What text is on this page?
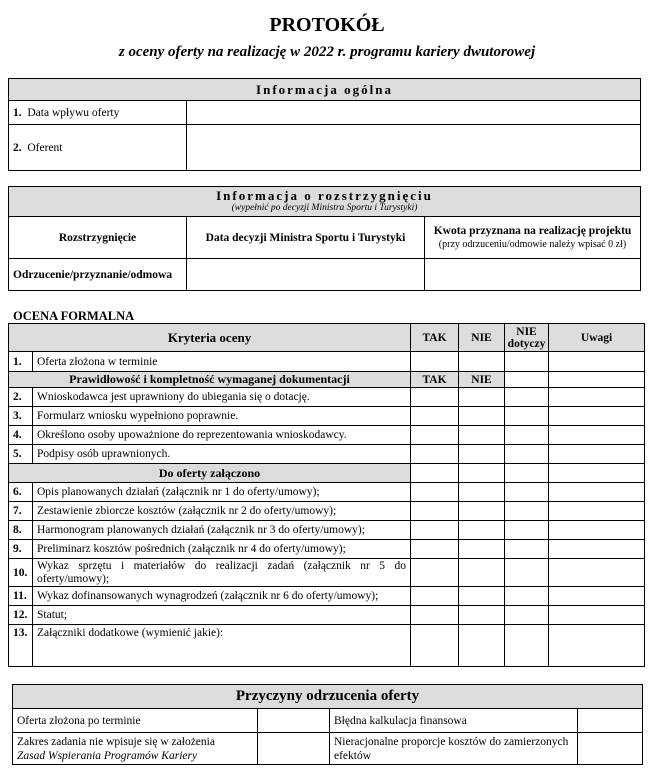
PROTOKÓŁ
z oceny oferty na realizację w 2022 r. programu kariery dwutorowej
Informacja ogólna	
1. Data wpływu oferty	
2. Oferent	
Informacja o rozstrzygnięciu
(wypełnić po decyzji Ministra Sportu i Turystyki)		

Rozstrzygnięcie	Data decyzji Ministra Sportu i Turystyki	Kwota przyznana na realizację projektu
(przy odrzuceniu/odmowie należy wpisać 0 zł)

Odrzucenie/przyznanie/odmowa		
OCENA FORMALNA
Kryteria oceny		TAK	NIE	NIE dotyczy	Uwagi
1.	Oferta złożona w terminie				
Prawidłowość i kompletność wymaganej dokumentacji		TAK	NIE		
2.	Wnioskodawca jest uprawniony do ubiegania się o dotację.				
3.	Formularz wniosku wypełniono poprawnie.				
4.	Określono osoby upoważnione do reprezentowania wnioskodawcy.				
5.	Podpisy osób uprawnionych.				
Do oferty załączono					
6.	Opis planowanych działań (załącznik nr 1 do oferty/umowy);				
7.	Zestawienie zbiorcze kosztów (załącznik nr 2 do oferty/umowy);				
8.	Harmonogram planowanych działań (załącznik nr 3 do oferty/umowy);				
9.	Preliminarz kosztów pośrednich (załącznik nr 4 do oferty/umowy);				
10.	Wykaz sprzętu i materiałów do realizacji zadań (załącznik nr 5 do
oferty/umowy);				

11.	Wykaz dofinansowanych wynagrodzeń (załącznik nr 6 do oferty/umowy);				
12.	Statut;				
13.	Załączniki dodatkowe (wymienić jakie):				
Przyczyny odrzucenia oferty			
Oferta złożona po terminie		Błędna kalkulacja finansowa	

Zakres zadania nie wpisuje się w założenia
Zasad Wspierania Programów Kariery		Nieracjonalne proporcje kosztów do zamierzonych efektów	
